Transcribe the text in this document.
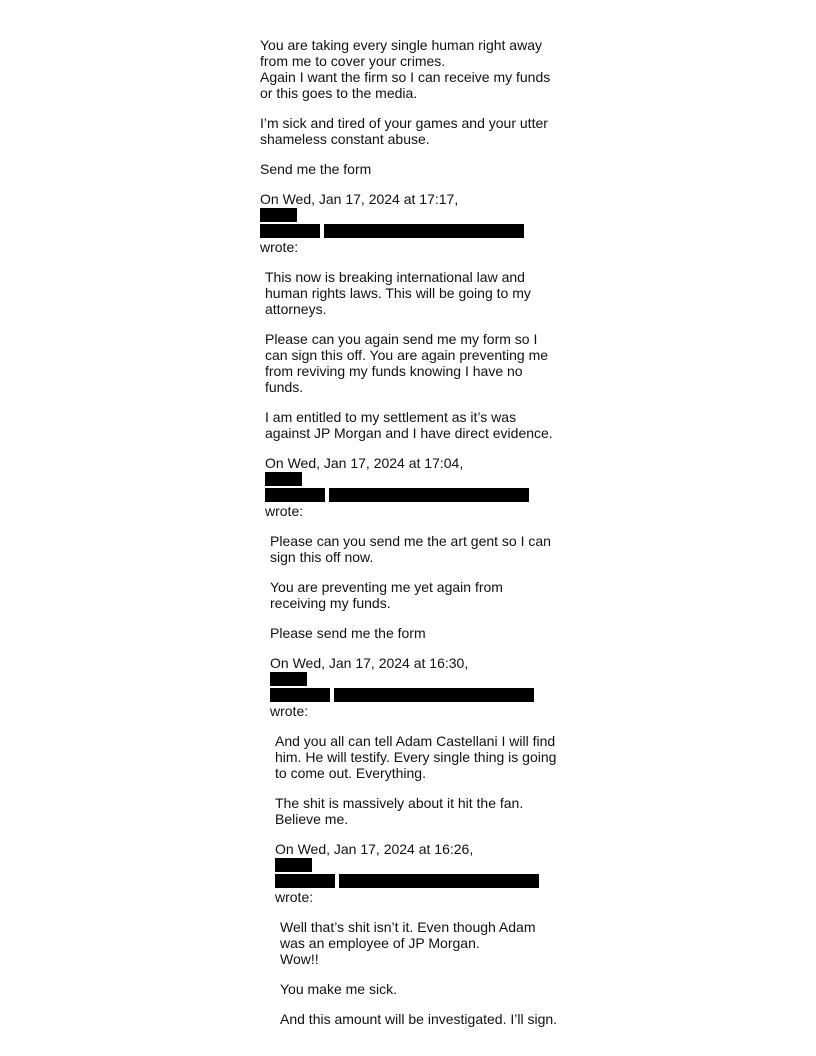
You are taking every single human right away from me to cover your crimes.
Again I want the firm so I can receive my funds or this goes to the media.

I’m sick and tired of your games and your utter shameless constant abuse.

Send me the form

On Wed, Jan 17, 2024 at 17:17,

wrote:

This now is breaking international law and human rights laws. This will be going to my attorneys.

Please can you again send me my form so I can sign this off. You are again preventing me from reviving my funds knowing I have no funds.

I am entitled to my settlement as it’s was against JP Morgan and I have direct evidence.

On Wed, Jan 17, 2024 at 17:04,

wrote:

Please can you send me the art gent so I can sign this off now.

You are preventing me yet again from receiving my funds.

Please send me the form

On Wed, Jan 17, 2024 at 16:30,

wrote:

And you all can tell Adam Castellani I will find him. He will testify. Every single thing is going to come out. Everything.

The shit is massively about it hit the fan. Believe me.

On Wed, Jan 17, 2024 at 16:26,

wrote:

Well that’s shit isn’t it. Even though Adam was an employee of JP Morgan.
Wow!!

You make me sick.

And this amount will be investigated. I’ll sign.
